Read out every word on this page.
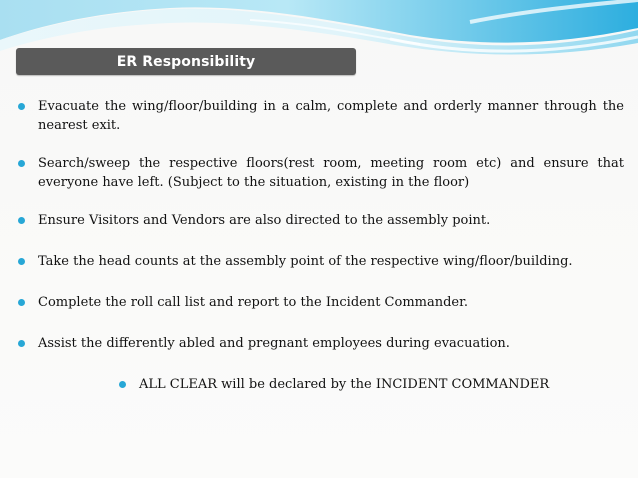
ER Responsibility
Evacuate the wing/floor/building in a calm, complete and orderly manner through the nearest exit.
Search/sweep the respective floors(rest room, meeting room etc) and ensure that everyone have left. (Subject to the situation, existing in the floor)
Ensure Visitors and Vendors are also directed to the assembly point.
Take the head counts at the assembly point of the respective wing/floor/building.
Complete the roll call list and report to the Incident Commander.
Assist the differently abled and pregnant employees during evacuation.
ALL CLEAR will be declared by the INCIDENT COMMANDER
